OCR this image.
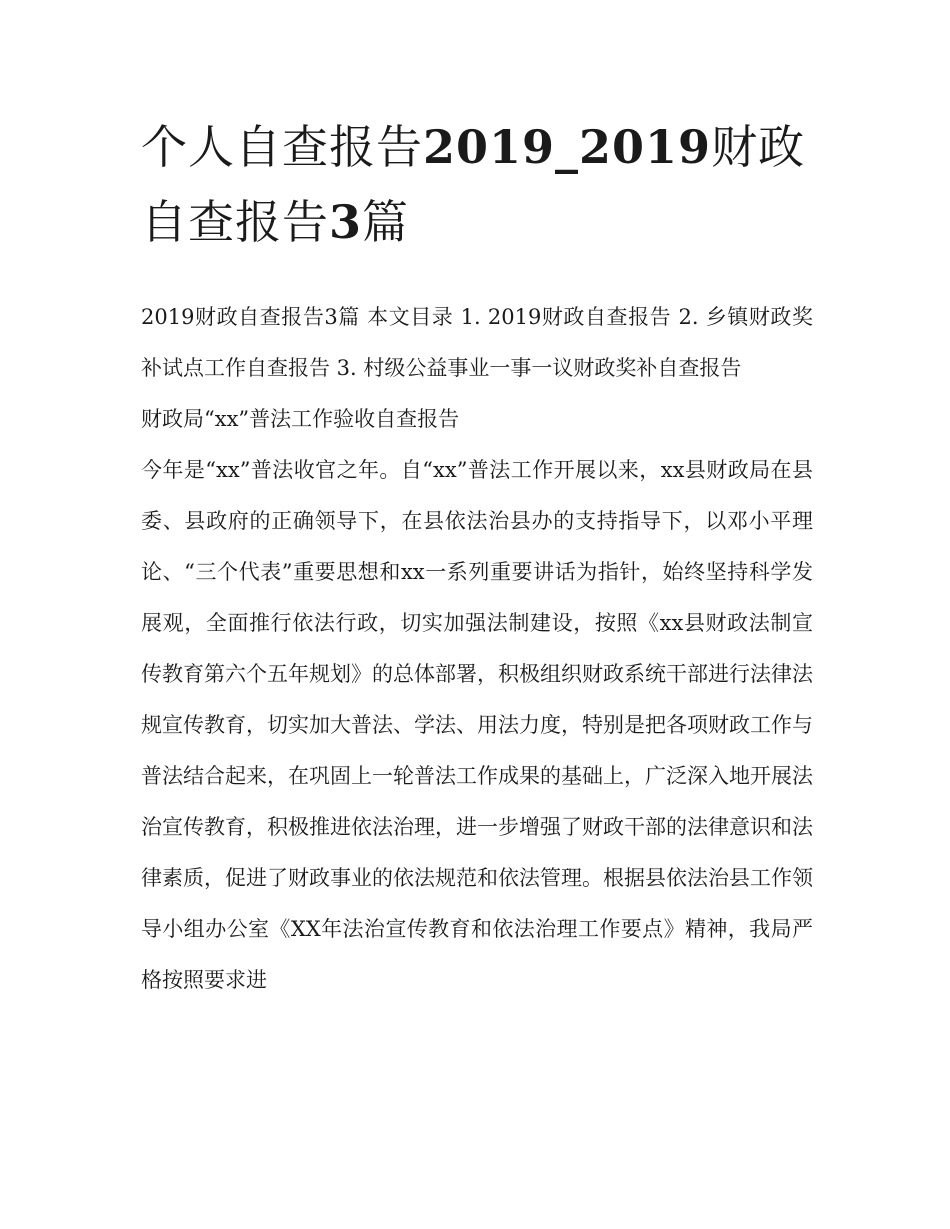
个人自查报告2019_2019财政自查报告3篇

2019财政自查报告3篇 本文目录 1. 2019财政自查报告 2. 乡镇财政奖补试点工作自查报告 3. 村级公益事业一事一议财政奖补自查报告

财政局“xx”普法工作验收自查报告

今年是“xx”普法收官之年。自“xx”普法工作开展以来，xx县财政局在县委、县政府的正确领导下，在县依法治县办的支持指导下，以邓小平理论、“三个代表”重要思想和xx一系列重要讲话为指针，始终坚持科学发展观，全面推行依法行政，切实加强法制建设，按照《xx县财政法制宣传教育第六个五年规划》的总体部署，积极组织财政系统干部进行法律法规宣传教育，切实加大普法、学法、用法力度，特别是把各项财政工作与普法结合起来，在巩固上一轮普法工作成果的基础上，广泛深入地开展法治宣传教育，积极推进依法治理，进一步增强了财政干部的法律意识和法律素质，促进了财政事业的依法规范和依法管理。根据县依法治县工作领导小组办公室《XX年法治宣传教育和依法治理工作要点》精神，我局严格按照要求进
